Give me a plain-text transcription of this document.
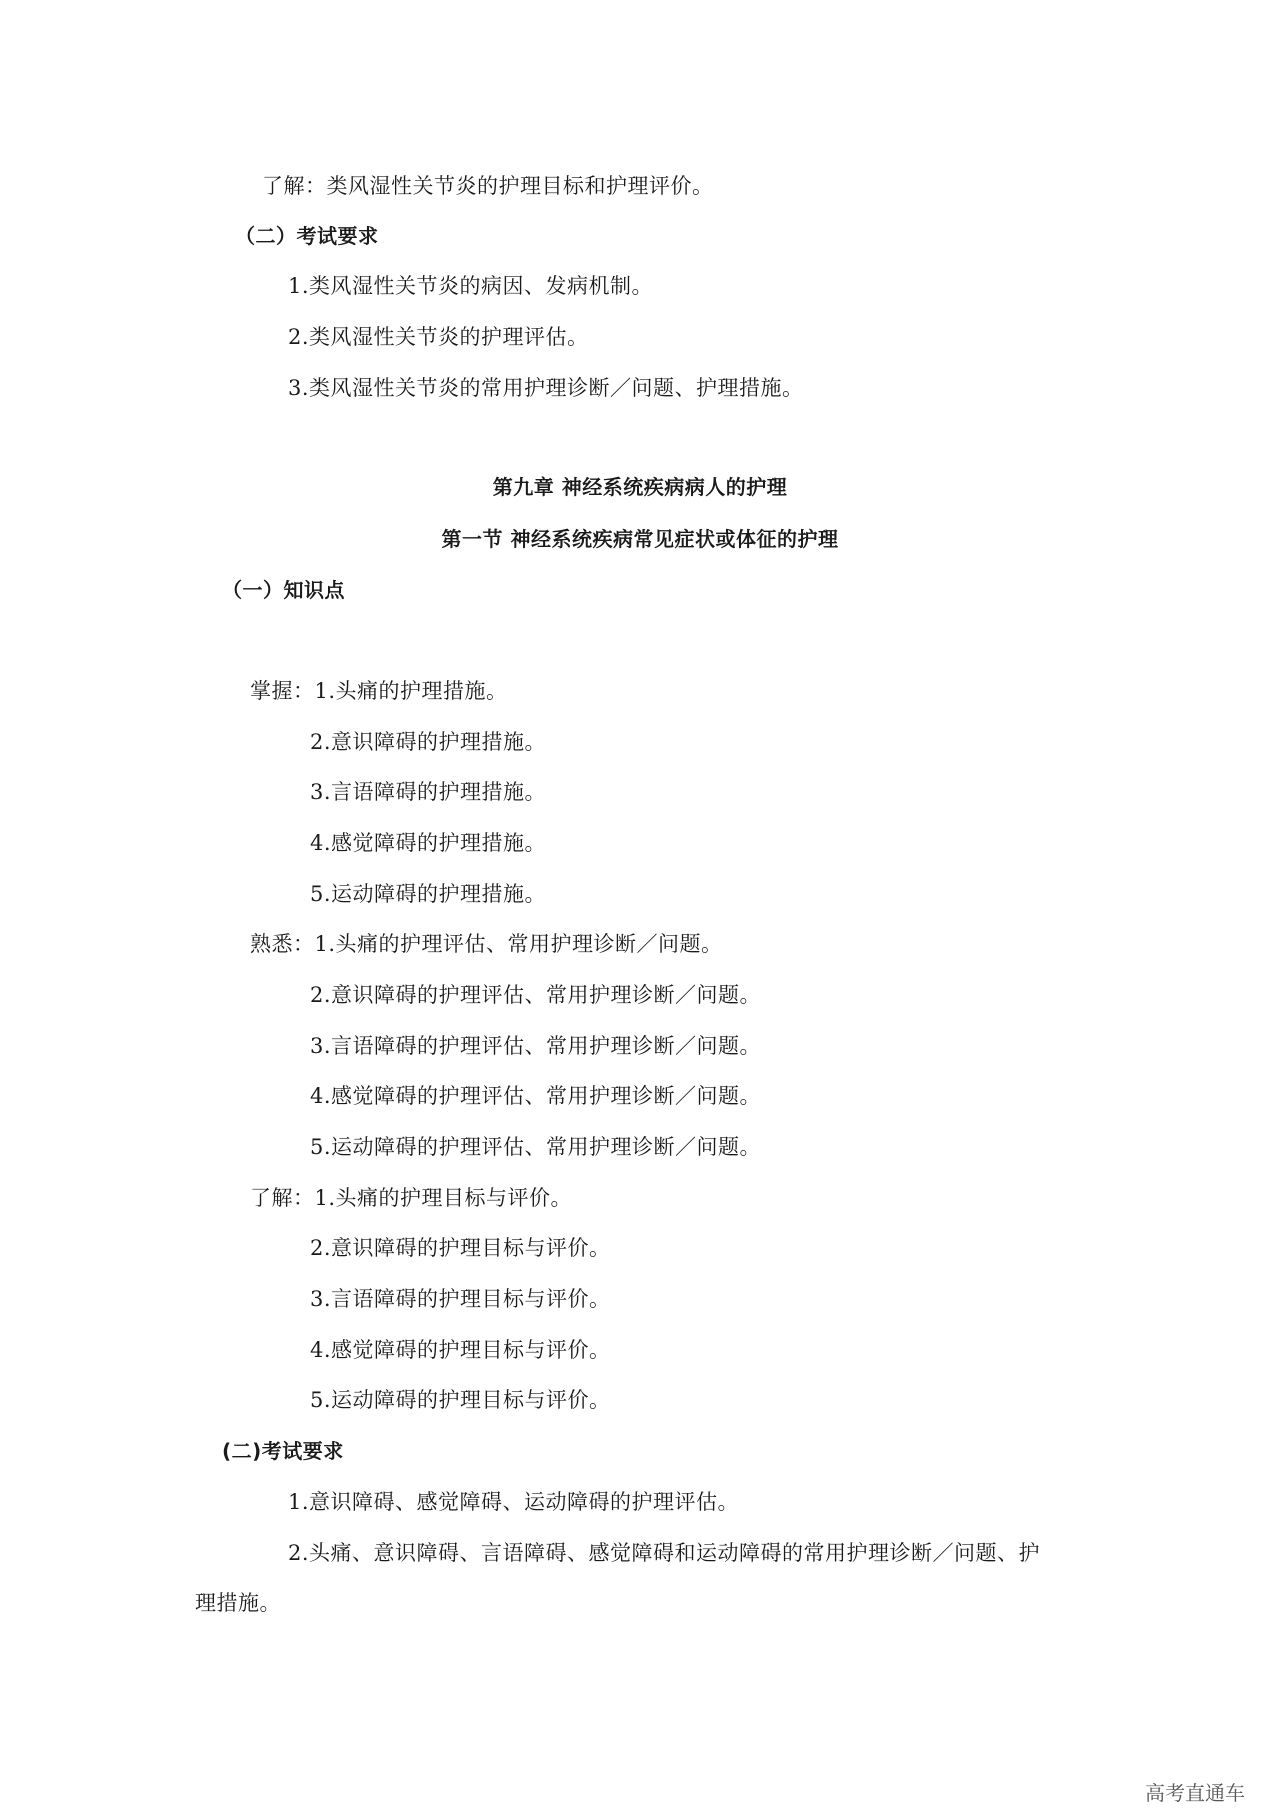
了解：类风湿性关节炎的护理目标和护理评价。
（二）考试要求
1.类风湿性关节炎的病因、发病机制。
2.类风湿性关节炎的护理评估。
3.类风湿性关节炎的常用护理诊断／问题、护理措施。
第九章 神经系统疾病病人的护理
第一节 神经系统疾病常见症状或体征的护理
（一）知识点
掌握：1.头痛的护理措施。
2.意识障碍的护理措施。
3.言语障碍的护理措施。
4.感觉障碍的护理措施。
5.运动障碍的护理措施。
熟悉：1.头痛的护理评估、常用护理诊断／问题。
2.意识障碍的护理评估、常用护理诊断／问题。
3.言语障碍的护理评估、常用护理诊断／问题。
4.感觉障碍的护理评估、常用护理诊断／问题。
5.运动障碍的护理评估、常用护理诊断／问题。
了解：1.头痛的护理目标与评价。
2.意识障碍的护理目标与评价。
3.言语障碍的护理目标与评价。
4.感觉障碍的护理目标与评价。
5.运动障碍的护理目标与评价。
(二)考试要求
1.意识障碍、感觉障碍、运动障碍的护理评估。
2.头痛、意识障碍、言语障碍、感觉障碍和运动障碍的常用护理诊断／问题、护
理措施。
高考直通车
